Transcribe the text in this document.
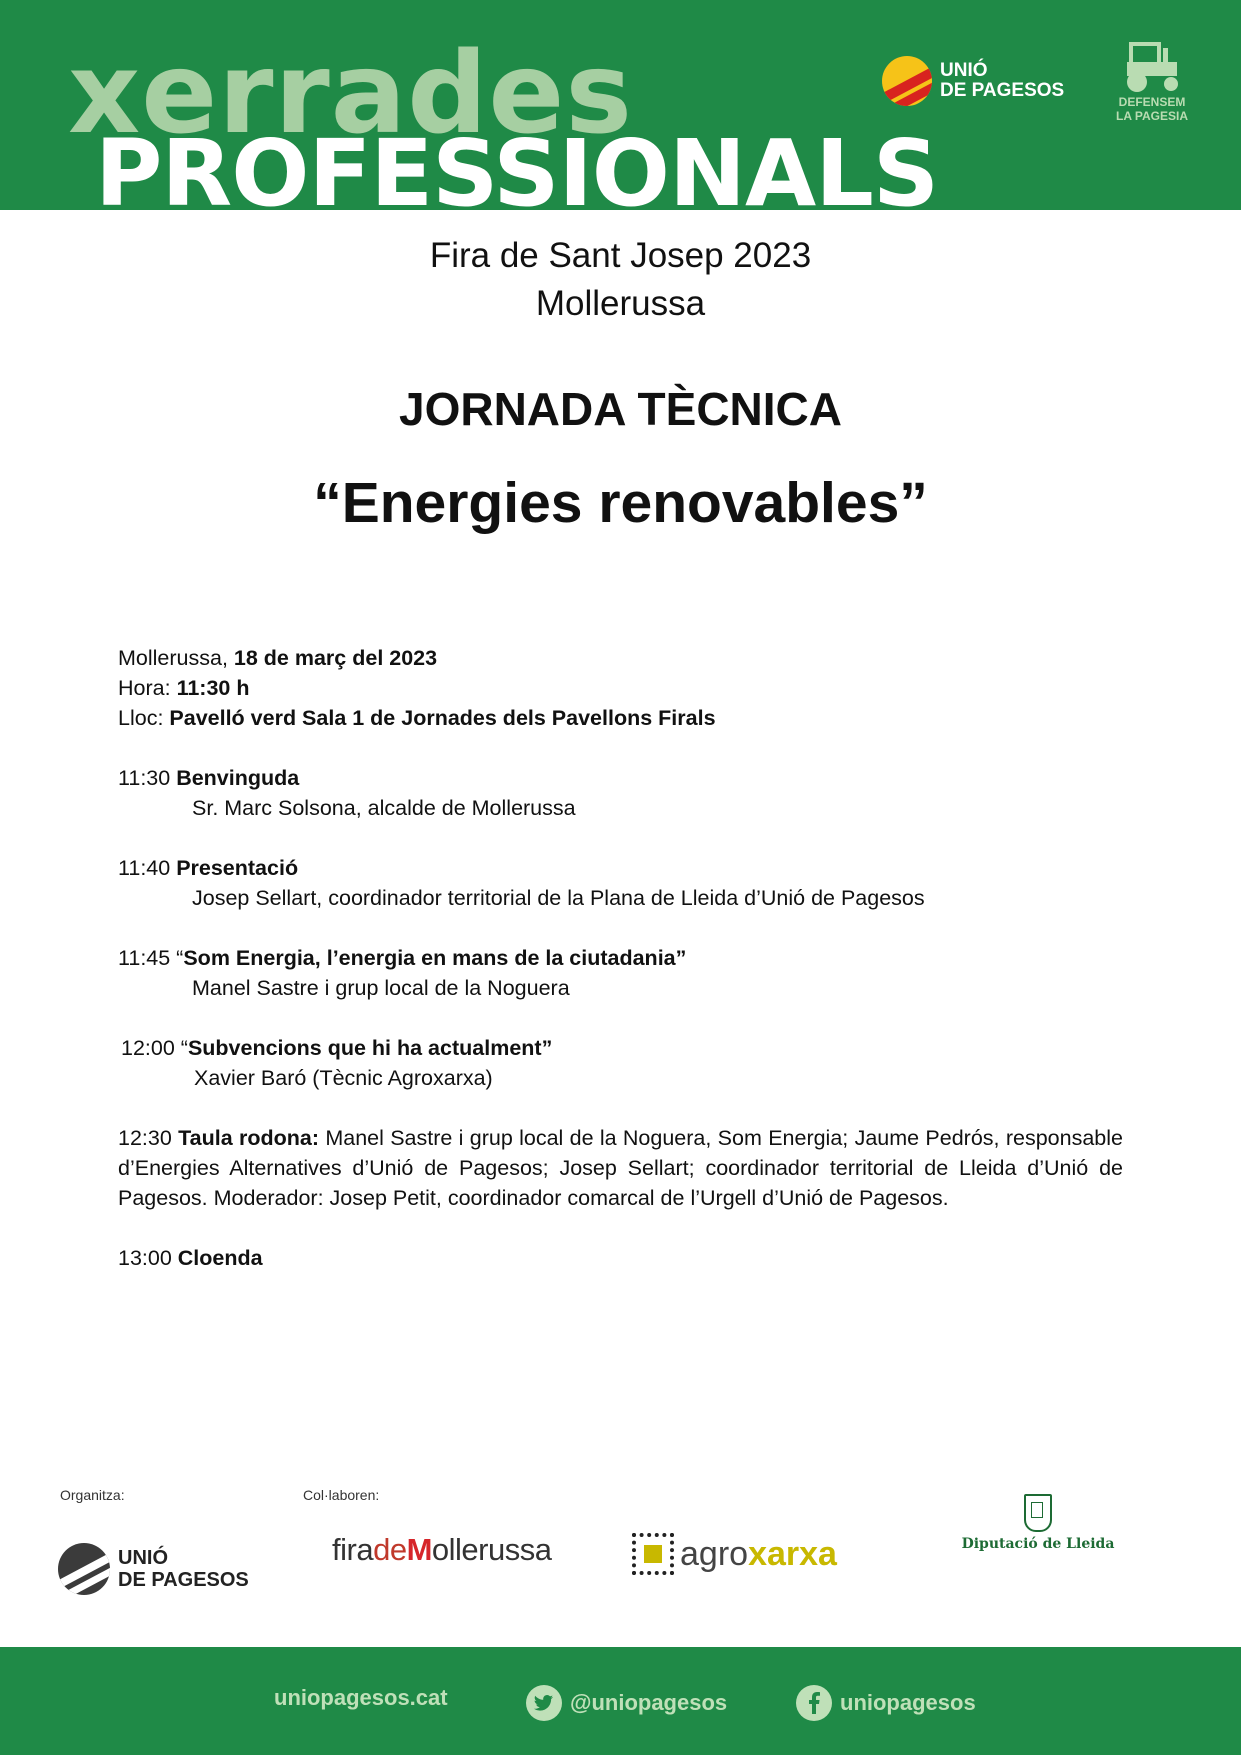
xerrades
PROFESSIONALS
UNIÓ
DE PAGESOS
DEFENSEM
LA PAGESIA
Fira de Sant Josep 2023
Mollerussa
JORNADA TÈCNICA
“Energies renovables”

Mollerussa, 18 de març del 2023

Hora: 11:30 h

Lloc: Pavelló verd Sala 1 de Jornades dels Pavellons Firals

11:30 Benvinguda

Sr. Marc Solsona, alcalde de Mollerussa

11:40 Presentació

Josep Sellart, coordinador territorial de la Plana de Lleida d’Unió de Pagesos

11:45 “Som Energia, l’energia en mans de la ciutadania”

Manel Sastre i grup local de la Noguera

12:00 “Subvencions que hi ha actualment”

Xavier Baró (Tècnic Agroxarxa)

12:30 Taula rodona: Manel Sastre i grup local de la Noguera, Som Energia; Jaume Pedrós, responsable d’Energies Alternatives d’Unió de Pagesos; Josep Sellart; coordinador territorial de Lleida d’Unió de Pagesos. Moderador: Josep Petit, coordinador comarcal de l’Urgell d’Unió de Pagesos.

13:00 Cloenda

Organitza:	Col·laboren:
UNIÓ
DE PAGESOS
firadeMollerussa	agroxarxa	Diputació de Lleida
uniopagesos.cat	@uniopagesos	uniopagesos
